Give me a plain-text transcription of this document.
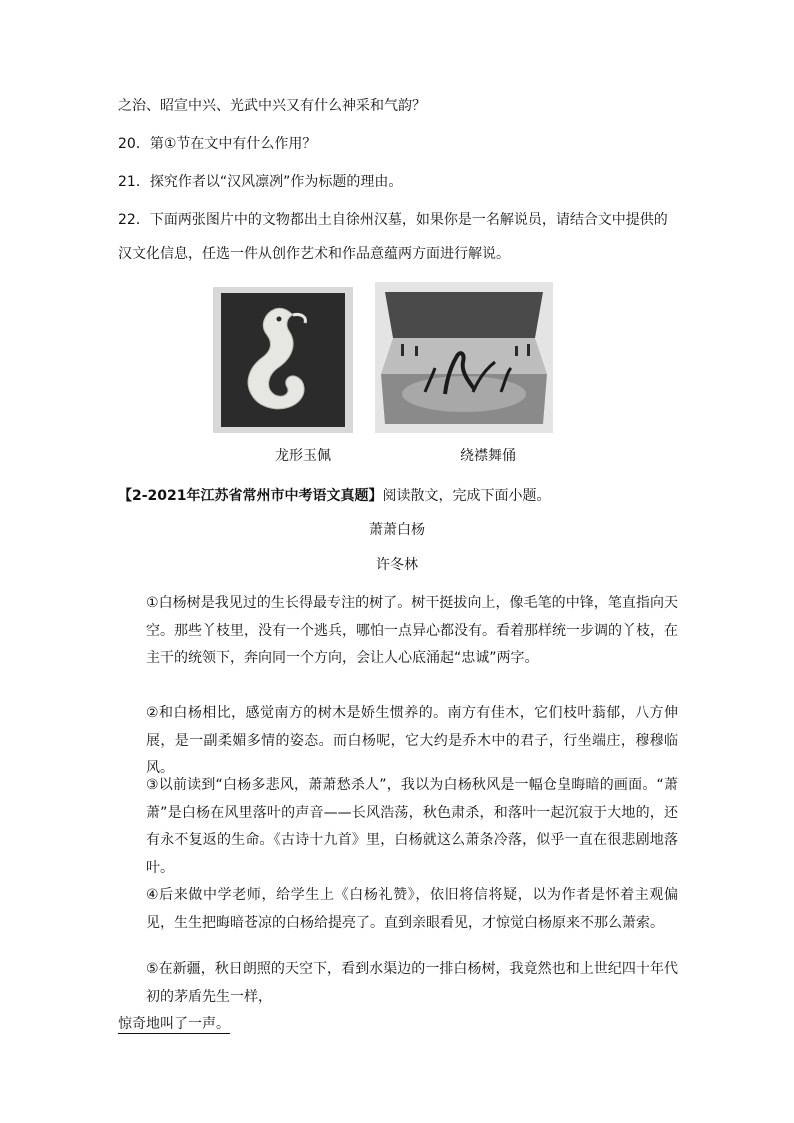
之治、昭宣中兴、光武中兴又有什么神采和气韵？
20．第①节在文中有什么作用？
21．探究作者以“汉风凛冽”作为标题的理由。
22．下面两张图片中的文物都出土自徐州汉墓，如果你是一名解说员，请结合文中提供的
汉文化信息，任选一件从创作艺术和作品意蕴两方面进行解说。
龙形玉佩	绕襟舞俑
【2-2021年江苏省常州市中考语文真题】阅读散文，完成下面小题。
萧萧白杨
许冬林
①白杨树是我见过的生长得最专注的树了。树干挺拔向上，像毛笔的中锋，笔直指向天空。那些丫枝里，没有一个逃兵，哪怕一点异心都没有。看着那样统一步调的丫枝，在主干的统领下，奔向同一个方向，会让人心底涌起“忠诚”两字。
②和白杨相比，感觉南方的树木是娇生惯养的。南方有佳木，它们枝叶蓊郁，八方伸展，是一副柔媚多情的姿态。而白杨呢，它大约是乔木中的君子，行坐端庄，穆穆临风。
③以前读到“白杨多悲风，萧萧愁杀人”，我以为白杨秋风是一幅仓皇晦暗的画面。“萧萧”是白杨在风里落叶的声音——长风浩荡，秋色肃杀，和落叶一起沉寂于大地的，还有永不复返的生命。《古诗十九首》里，白杨就这么萧条冷落，似乎一直在很悲剧地落叶。
④后来做中学老师，给学生上《白杨礼赞》，依旧将信将疑，以为作者是怀着主观偏见，生生把晦暗苍凉的白杨给提亮了。直到亲眼看见，才惊觉白杨原来不那么萧索。
⑤在新疆，秋日朗照的天空下，看到水渠边的一排白杨树，我竟然也和上世纪四十年代初的茅盾先生一样，惊奇地叫了一声。
